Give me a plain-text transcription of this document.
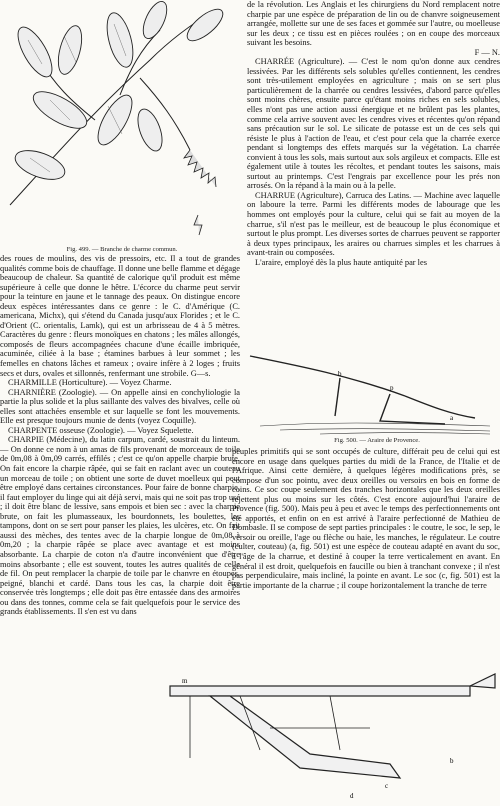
Fig. 499. — Branche de charme commun.
b
p
a
Fig. 500. — Araire de Provence.
m
c
b
d

des roues de moulins, des vis de pressoirs, etc. Il a tout de grandes qualités comme bois de chauffage. Il donne une belle flamme et dégage beaucoup de chaleur. Sa quantité de calorique qu'il produit est même supérieure à celle que donne le hêtre. L'écorce du charme peut servir pour la teinture en jaune et le tannage des peaux. On distingue encore deux espèces intéressantes dans ce genre : le C. d'Amérique (C. americana, Michx), qui s'étend du Canada jusqu'aux Florides ; et le C. d'Orient (C. orientalis, Lamk), qui est un arbrisseau de 4 à 5 mètres. Caractères du genre : fleurs monoïques en chatons ; les mâles allongés, composés de fleurs accompagnées chacune d'une écaille imbriquée, acuminée, ciliée à la base ; étamines barbues à leur sommet ; les femelles en chatons lâches et rameux ; ovaire infère à 2 loges ; fruits secs et durs, ovales et sillonnés, renfermant une strobile. G—s.

CHARMILLE (Horticulture). — Voyez Charme.

CHARNIÈRE (Zoologie). — On appelle ainsi en conchyliologie la partie la plus solide et la plus saillante des valves des bivalves, celle où elles sont attachées ensemble et sur laquelle se font les mouvements. Elle est presque toujours munie de dents (voyez Coquille).

CHARPENTE osseuse (Zoologie). — Voyez Squelette.

CHARPIE (Médecine), du latin carpum, cardé, soustrait du linteum. — On donne ce nom à un amas de fils provenant de morceaux de toile de 0m,08 à 0m,09 carrés, effilés ; c'est ce qu'on appelle charpie brute. On fait encore la charpie râpée, qui se fait en raclant avec un couteau un morceau de toile ; on obtient une sorte de duvet moelleux qui peut être employé dans certaines circonstances. Pour faire de bonne charpie, il faut employer du linge qui ait déjà servi, mais qui ne soit pas trop usé ; il doit être blanc de lessive, sans empois et bien sec : avec la charpie brute, on fait les plumasseaux, les bourdonnets, les boulettes, les tampons, dont on se sert pour panser les plaies, les ulcères, etc. On fait aussi des mèches, des tentes avec de la charpie longue de 0m,08 à 0m,20 ; la charpie râpée se place avec avantage et est moins absorbante. La charpie de coton n'a d'autre inconvénient que d'être moins absorbante ; elle est souvent, toutes les autres qualités de celle de fil. On peut remplacer la charpie de toile par le chanvre en étoupes, peigné, blanchi et cardé. Dans tous les cas, la charpie doit être conservée très longtemps ; elle doit pas être entassée dans des armoires ou dans des tonnes, comme cela se fait quelquefois pour le service des grands établissements. Il s'en est vu dans

de la révolution. Les Anglais et les chirurgiens du Nord remplacent notre charpie par une espèce de préparation de lin ou de chanvre soigneusement arrangée, mollette sur une de ses faces et gommée sur l'autre, ou moelleuse sur les deux ; ce tissu est en pièces roulées ; on en coupe des morceaux suivant les besoins.

F — N.

CHARRÉE (Agriculture). — C'est le nom qu'on donne aux cendres lessivées. Par les différents sels solubles qu'elles contiennent, les cendres sont très-utilement employées en agriculture ; mais on se sert plus particulièrement de la charrée ou cendres lessivées, d'abord parce qu'elles sont moins chères, ensuite parce qu'étant moins riches en sels solubles, elles n'ont pas une action aussi énergique et ne brûlent pas les plantes, comme cela arrive souvent avec les cendres vives et récentes qu'on répand sans précaution sur le sol. Le silicate de potasse est un de ces sels qui résiste le plus à l'action de l'eau, et c'est pour cela que la charrée exerce pendant si longtemps des effets marqués sur la végétation. La charrée convient à tous les sols, mais surtout aux sols argileux et compacts. Elle est également utile à toutes les récoltes, et pendant toutes les saisons, mais surtout au printemps. C'est l'engrais par excellence pour les prés non arrosés. On la répand à la main ou à la pelle.

CHARRUE (Agriculture), Carruca des Latins. — Machine avec laquelle on laboure la terre. Parmi les différents modes de labourage que les hommes ont employés pour la culture, celui qui se fait au moyen de la charrue, s'il n'est pas le meilleur, est de beaucoup le plus économique et surtout le plus prompt. Les diverses sortes de charrues peuvent se rapporter à deux types principaux, les araires ou charrues simples et les charrues à avant-train ou composées.

L'araire, employé dès la plus haute antiquité par les

peuples primitifs qui se sont occupés de culture, différait peu de celui qui est encore en usage dans quelques parties du midi de la France, de l'Italie et de l'Afrique. Ainsi cette dernière, à quelques légères modifications près, se compose d'un soc pointu, avec deux oreilles ou versoirs en bois en forme de coins. Ce soc coupe seulement des tranches horizontales que les deux oreilles rejettent plus ou moins sur les côtés. C'est encore aujourd'hui l'araire de Provence (fig. 500). Mais peu à peu et avec le temps des perfectionnements ont été apportés, et enfin on en est arrivé à l'araire perfectionné de Mathieu de Dombasle. Il se compose de sept parties principales : le coutre, le soc, le sep, le versoir ou oreille, l'age ou flèche ou haie, les manches, le régulateur. Le coutre (culter, couteau) (a, fig. 501) est une espèce de couteau adapté en avant du soc, à l'âge de la charrue, et destiné à couper la terre verticalement en avant. En général il est droit, quelquefois en faucille ou bien à tranchant convexe ; il n'est pas perpendiculaire, mais incliné, la pointe en avant. Le soc (c, fig. 501) est la partie importante de la charrue ; il coupe horizontalement la tranche de terre
